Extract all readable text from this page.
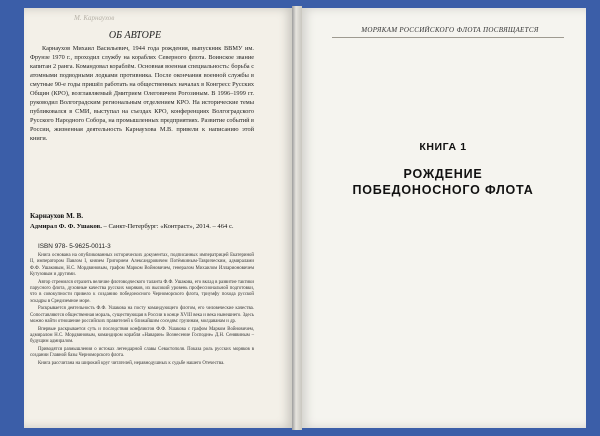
М. Карнаухов
ОБ АВТОРЕ
Карнаухов Михаил Васильевич, 1944 года рождения, выпускник ВВМУ им. Фрунзе 1970 г., проходил службу на кораблях Северного флота. Воинское звание капитан 2 ранга. Командовал кораблём. Основная военная специальность: борьба с атомными подводными лодками противника. После окончания военной службы в смутные 90-е годы пришёл работать на общественных началах в Конгресс Русских Общин (КРО), возглавляемый Дмитрием Олеговичем Рогозиным. В 1996–1999 гг. руководил Волгоградским региональным отделением КРО. На исторические темы публиковался в СМИ, выступал на съездах КРО, конференциях Волгоградского Русского Народного Собора, на промышленных предприятиях. Развитие событий в России, жизненная деятельность Карнаухова М.В. привели к написанию этой книги.
Карнаухов М. В.
Адмирал Ф. Ф. Ушаков. – Санкт-Петербург: «Контраст», 2014. – 464 с.
ISBN 978- 5-9625-0011-3

Книга основана на опубликованных исторических документах, подписанных императрицей Екатериной II, императором Павлом I, князем Григорием Александровичем Потёмкиным-Таврическим, адмиралами Ф.Ф. Ушаковым, Н.С. Мордвиновым, графом Марком Войновичем, генералом Михаилом Илларионовичем Кутузовым и другими.

Автор стремился отразить величие флотоводческого таланта Ф.Ф. Ушакова, его вклад в развитие тактики парусного флота, духовные качества русских моряков, их высокий уровень профессиональной подготовки, что в совокупности привело к созданию победоносного Черноморского флота, триумфу похода русской эскадры в Средиземное море.

Раскрывается деятельность Ф.Ф. Ушакова на посту командующего флотом, его человеческие качества. Сопоставляются общественная мораль, существующая в России в конце XVIII века и века нынешнего. Здесь можно найти отношение российских правителей к ближайшим соседям: грузинам, молдаванам и др.

Впервые раскрывается суть и последствия конфликтов Ф.Ф. Ушакова с графом Марком Войновичем, адмиралом Н.С. Мордвиновым, командиром корабля «Наварин» Вознесение Господне» Д.Н. Сенявиным – будущим адмиралом.

Приводятся размышления о истоках легендарной славы Севастополя. Показа роль русских моряков в создании Главной базы Черноморского флота.

Книга рассчитана на широкий круг читателей, неравнодушных к судьбе нашего Отечества.

МОРЯКАМ РОССИЙСКОГО ФЛОТА ПОСВЯЩАЕТСЯ
КНИГА 1
РОЖДЕНИЕ
ПОБЕДОНОСНОГО ФЛОТА
